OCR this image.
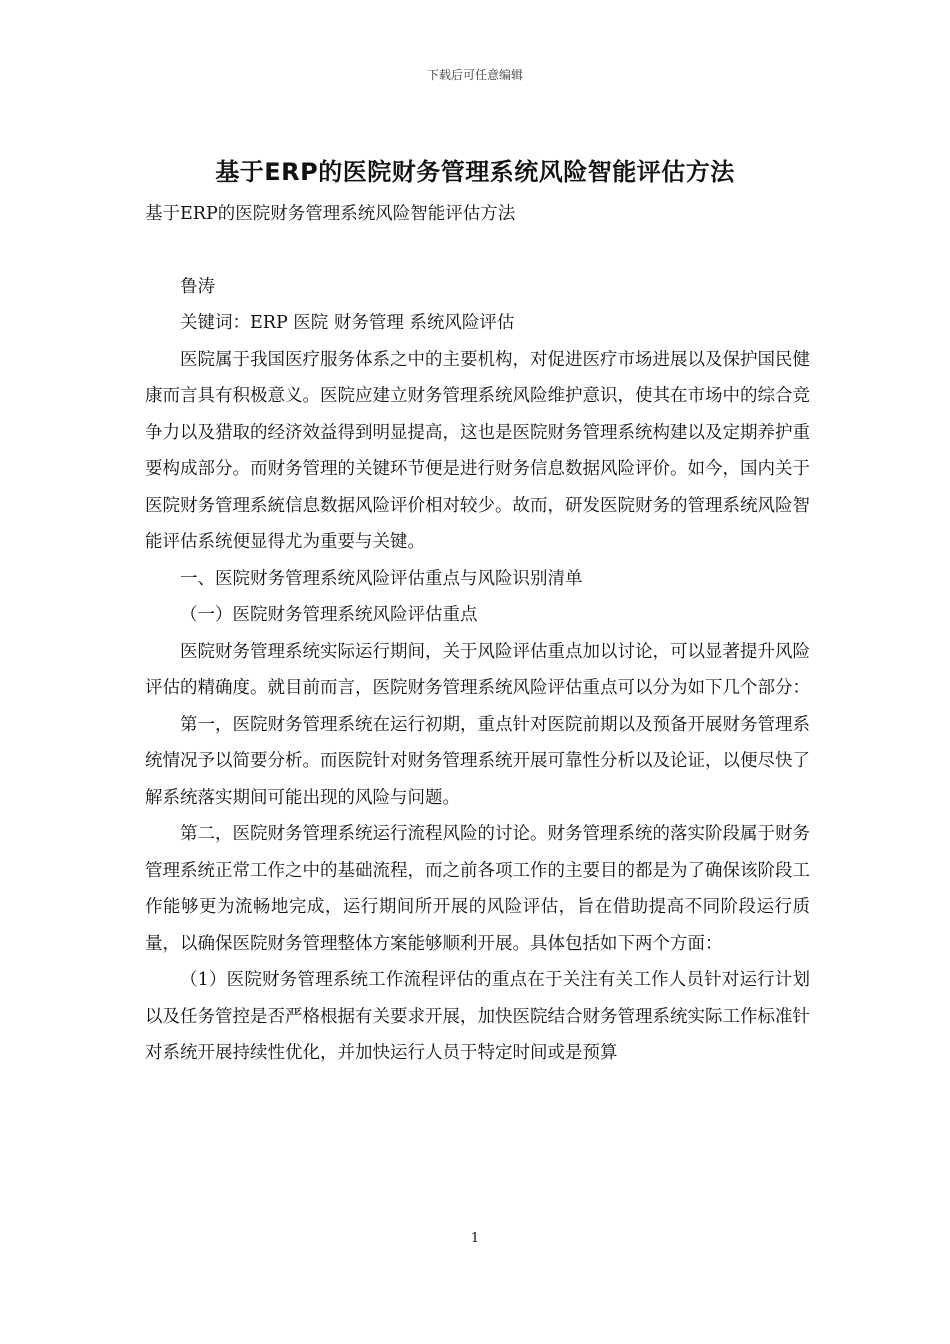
下载后可任意编辑
基于ERP的医院财务管理系统风险智能评估方法

基于ERP的医院财务管理系统风险智能评估方法

鲁涛

关键词：ERP 医院 财务管理 系统风险评估

医院属于我国医疗服务体系之中的主要机构，对促进医疗市场进展以及保护国民健康而言具有积极意义。医院应建立财务管理系统风险维护意识，使其在市场中的综合竞争力以及猎取的经济效益得到明显提高，这也是医院财务管理系统构建以及定期养护重要构成部分。而财务管理的关键环节便是进行财务信息数据风险评价。如今，国内关于医院财务管理系統信息数据风险评价相对较少。故而，研发医院财务的管理系统风险智能评估系统便显得尤为重要与关键。

一、医院财务管理系统风险评估重点与风险识别清单

（一）医院财务管理系统风险评估重点

医院财务管理系统实际运行期间，关于风险评估重点加以讨论，可以显著提升风险评估的精确度。就目前而言，医院财务管理系统风险评估重点可以分为如下几个部分：

第一，医院财务管理系统在运行初期，重点针对医院前期以及预备开展财务管理系统情况予以简要分析。而医院针对财务管理系统开展可靠性分析以及论证，以便尽快了解系统落实期间可能出现的风险与问题。

第二，医院财务管理系统运行流程风险的讨论。财务管理系统的落实阶段属于财务管理系统正常工作之中的基础流程，而之前各项工作的主要目的都是为了确保该阶段工作能够更为流畅地完成，运行期间所开展的风险评估，旨在借助提高不同阶段运行质量，以确保医院财务管理整体方案能够顺利开展。具体包括如下两个方面：

（1）医院财务管理系统工作流程评估的重点在于关注有关工作人员针对运行计划以及任务管控是否严格根据有关要求开展，加快医院结合财务管理系统实际工作标准针对系统开展持续性优化，并加快运行人员于特定时间或是预算

1
